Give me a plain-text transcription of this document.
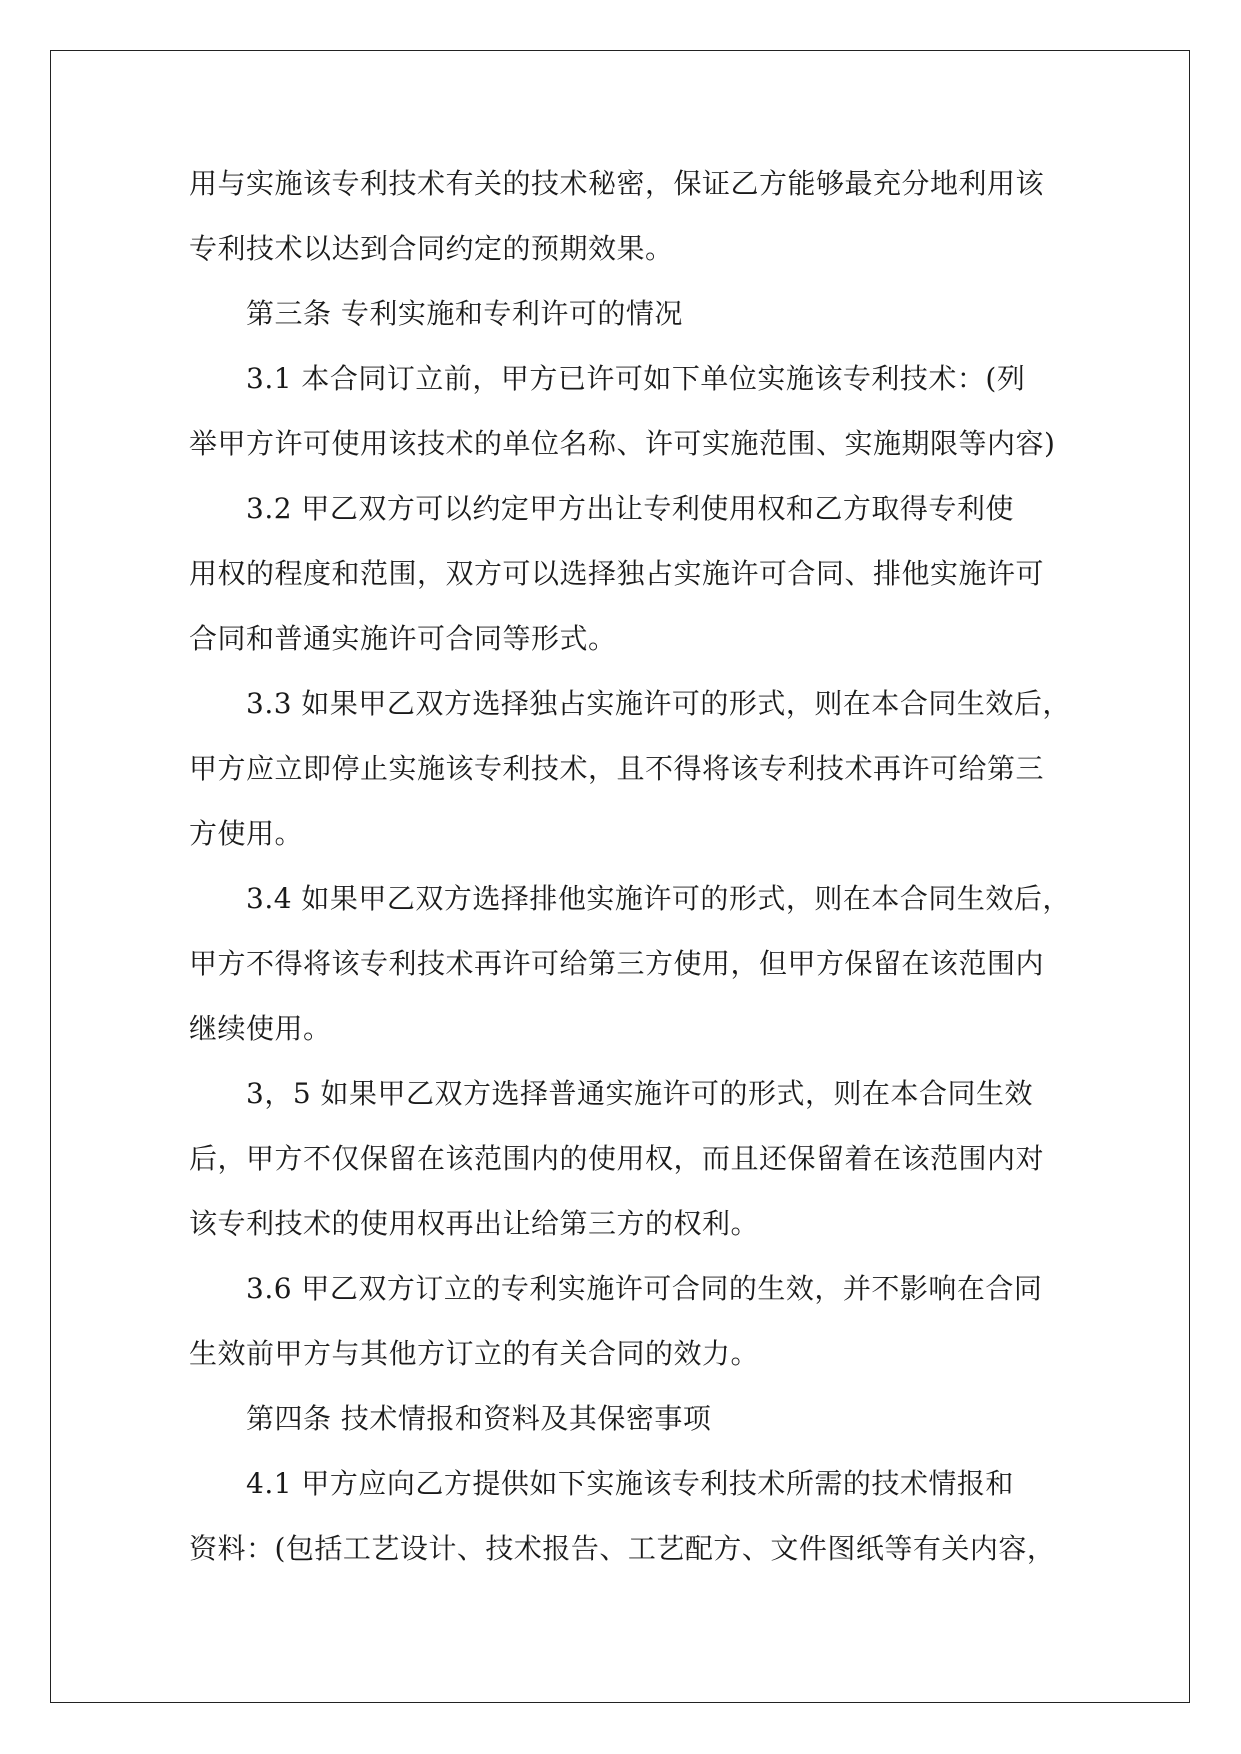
用与实施该专利技术有关的技术秘密，保证乙方能够最充分地利用该
专利技术以达到合同约定的预期效果。
第三条 专利实施和专利许可的情况
3.1 本合同订立前，甲方已许可如下单位实施该专利技术：(列
举甲方许可使用该技术的单位名称、许可实施范围、实施期限等内容)
3.2 甲乙双方可以约定甲方出让专利使用权和乙方取得专利使
用权的程度和范围，双方可以选择独占实施许可合同、排他实施许可
合同和普通实施许可合同等形式。
3.3 如果甲乙双方选择独占实施许可的形式，则在本合同生效后，
甲方应立即停止实施该专利技术，且不得将该专利技术再许可给第三
方使用。
3.4 如果甲乙双方选择排他实施许可的形式，则在本合同生效后，
甲方不得将该专利技术再许可给第三方使用，但甲方保留在该范围内
继续使用。
3，5 如果甲乙双方选择普通实施许可的形式，则在本合同生效
后，甲方不仅保留在该范围内的使用权，而且还保留着在该范围内对
该专利技术的使用权再出让给第三方的权利。
3.6 甲乙双方订立的专利实施许可合同的生效，并不影响在合同
生效前甲方与其他方订立的有关合同的效力。
第四条 技术情报和资料及其保密事项
4.1 甲方应向乙方提供如下实施该专利技术所需的技术情报和
资料：(包括工艺设计、技术报告、工艺配方、文件图纸等有关内容，
